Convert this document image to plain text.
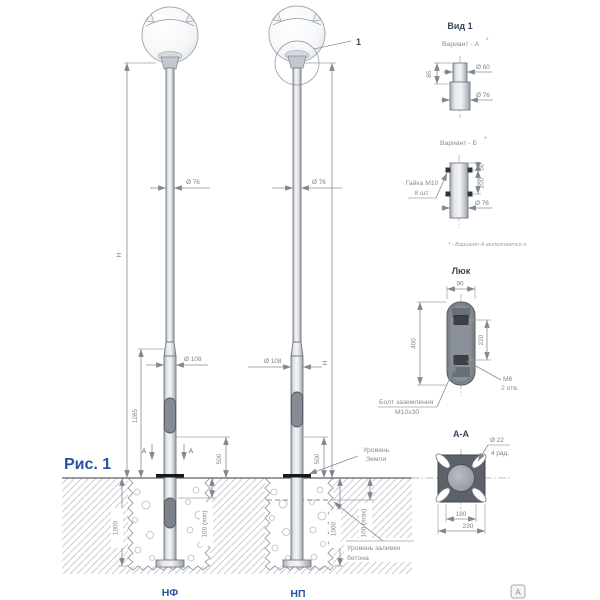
1
Н
Ø 76
Ø 108
1285
500
А	А
1000	100 (min)
Н
Ø 76
Ø 108
500
Уровень
Земли
100 (max)
1000
Уровень заливки
бетона
Рис. 1
НФ	НП
Вид 1
Вариант - А
*
85
Ø 60
Ø 76
Вариант - Б
*
50
200
Ø 76
Гайка М10
8 шт.
* - Вариант А выполняется п.
Люк
90
400	220
М6
2 отв.
Болт заземления
М10х30
А-А
Ø 22
4 рад.
180
230
А
